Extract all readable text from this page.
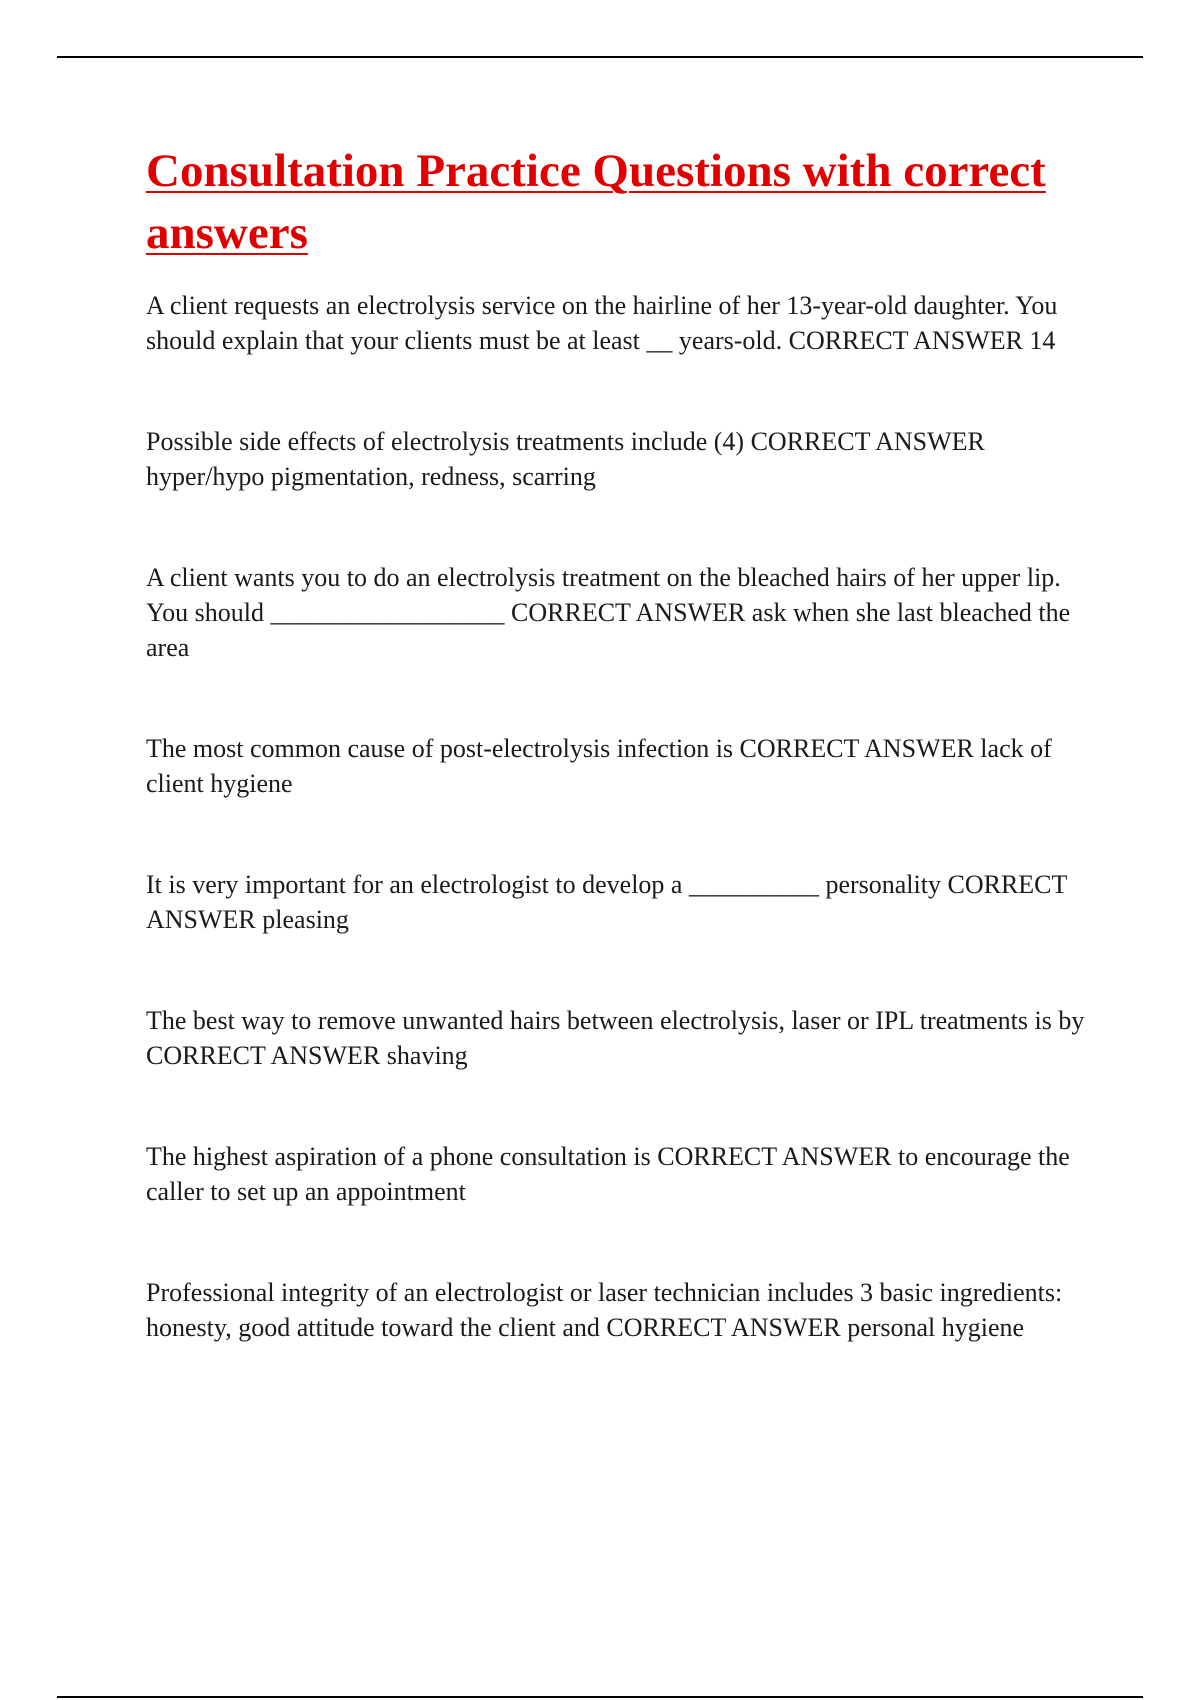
Consultation Practice Questions with correct answers
A client requests an electrolysis service on the hairline of her 13-year-old daughter. You should explain that your clients must be at least __ years-old. CORRECT ANSWER 14
Possible side effects of electrolysis treatments include (4) CORRECT ANSWER hyper/hypo pigmentation, redness, scarring
A client wants you to do an electrolysis treatment on the bleached hairs of her upper lip. You should __________________ CORRECT ANSWER ask when she last bleached the area
The most common cause of post-electrolysis infection is CORRECT ANSWER lack of client hygiene
It is very important for an electrologist to develop a __________ personality CORRECT ANSWER pleasing
The best way to remove unwanted hairs between electrolysis, laser or IPL treatments is by CORRECT ANSWER shaving
The highest aspiration of a phone consultation is CORRECT ANSWER to encourage the caller to set up an appointment
Professional integrity of an electrologist or laser technician includes 3 basic ingredients: honesty, good attitude toward the client and CORRECT ANSWER personal hygiene
